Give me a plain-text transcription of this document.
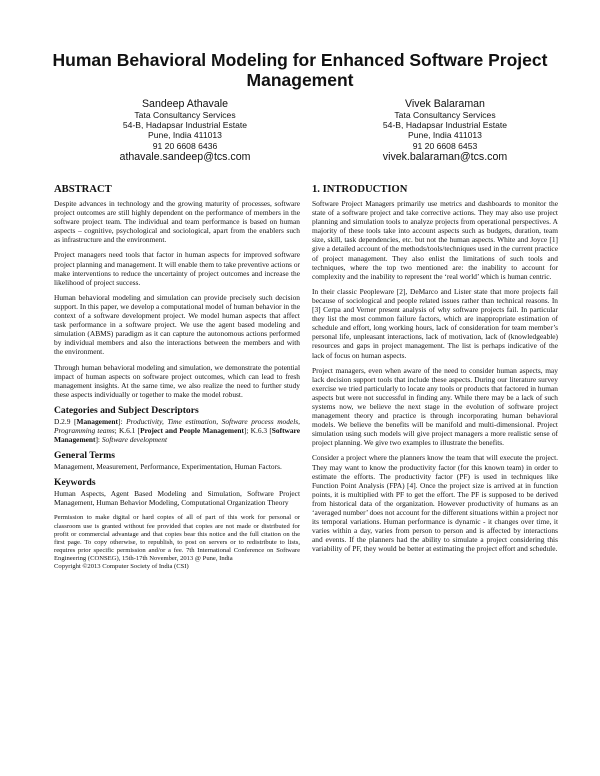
Human Behavioral Modeling for Enhanced Software Project Management
Sandeep Athavale
Tata Consultancy Services
54-B, Hadapsar Industrial Estate
Pune, India 411013
91 20 6608 6436
athavale.sandeep@tcs.com
Vivek Balaraman
Tata Consultancy Services
54-B, Hadapsar Industrial Estate
Pune, India 411013
91 20 6608 6453
vivek.balaraman@tcs.com
ABSTRACT

Despite advances in technology and the growing maturity of processes, software project outcomes are still highly dependent on the performance of members in the software project team. The individual and team performance is based on human aspects – cognitive, psychological and sociological, apart from the enablers such as infrastructure and the environment.

Project managers need tools that factor in human aspects for improved software project planning and management. It will enable them to take preventive actions or make interventions to reduce the uncertainty of project outcomes and increase the likelihood of project success.

Human behavioral modeling and simulation can provide precisely such decision support. In this paper, we develop a computational model of human behavior in the context of a software development project. We model human aspects that affect task performance in a software project. We use the agent based modeling and simulation (ABMS) paradigm as it can capture the autonomous actions performed by individual members and also the interactions between the members and with the environment.

Through human behavioral modeling and simulation, we demonstrate the potential impact of human aspects on software project outcomes, which can lead to fresh management insights. At the same time, we also realize the need to further study these aspects individually or together to make the model robust.

Categories and Subject Descriptors

D.2.9 [Management]: Productivity, Time estimation, Software process models, Programming teams; K.6.1 [Project and People Management]; K.6.3 [Software Management]: Software development

General Terms

Management, Measurement, Performance, Experimentation, Human Factors.

Keywords

Human Aspects, Agent Based Modeling and Simulation, Software Project Management, Human Behavior Modeling, Computational Organization Theory

Permission to make digital or hard copies of all of part of this work for personal or classroom use is granted without fee provided that copies are not made or distributed for profit or commercial advantage and that copies bear this notice and the full citation on the first page. To copy otherwise, to republish, to post on servers or to redistribute to lists, requires prior specific permission and/or a fee. 7th International Conference on Software Engineering (CONSEG), 15th-17th November, 2013 @ Pune, India
Copyright ©2013 Computer Society of India (CSI)
1. INTRODUCTION

Software Project Managers primarily use metrics and dashboards to monitor the state of a software project and take corrective actions. They may also use project planning and simulation tools to analyze projects from operational perspectives. A majority of these tools take into account aspects such as budgets, duration, team size, skill, task dependencies, etc. but not the human aspects. White and Joyce [1] give a detailed account of the methods/tools/techniques used in the current practice of project management. They also enlist the limitations of such tools and techniques, where the top two mentioned are: the inability to account for complexity and the inability to represent the ‘real world’ which is human centric.

In their classic Peopleware [2], DeMarco and Lister state that more projects fail because of sociological and people related issues rather than technical reasons. In [3] Cerpa and Verner present analysis of why software projects fail. In particular they list the most common failure factors, which are inappropriate estimation of schedule and effort, long working hours, lack of consideration for team member’s personal life, unpleasant interactions, lack of motivation, lack of (knowledgeable) resources and gaps in project management. The list is perhaps indicative of the lack of focus on human aspects.

Project managers, even when aware of the need to consider human aspects, may lack decision support tools that include these aspects. During our literature survey exercise we tried particularly to locate any tools or products that factored in human aspects but were not successful in finding any. While there may be a lack of such systems now, we believe the next stage in the evolution of software project management theory and practice is through incorporating human behavioral models. We believe the benefits will be manifold and multi-dimensional. Project simulation using such models will give project managers a more realistic sense of project planning. We give two examples to illustrate the benefits.

Consider a project where the planners know the team that will execute the project. They may want to know the productivity factor (for this known team) in order to estimate the efforts. The productivity factor (PF) is used in techniques like Function Point Analysis (FPA) [4]. Once the project size is arrived at in function points, it is multiplied with PF to get the effort. The PF is supposed to be derived from historical data of the organization. However productivity of humans as an ‘averaged number’ does not account for the different situations within a project nor its temporal variations. Human performance is dynamic - it changes over time, it varies within a day, varies from person to person and is affected by interactions and events. If the planners had the ability to simulate a project considering this variability of PF, they would be better at estimating the project effort and schedule.
